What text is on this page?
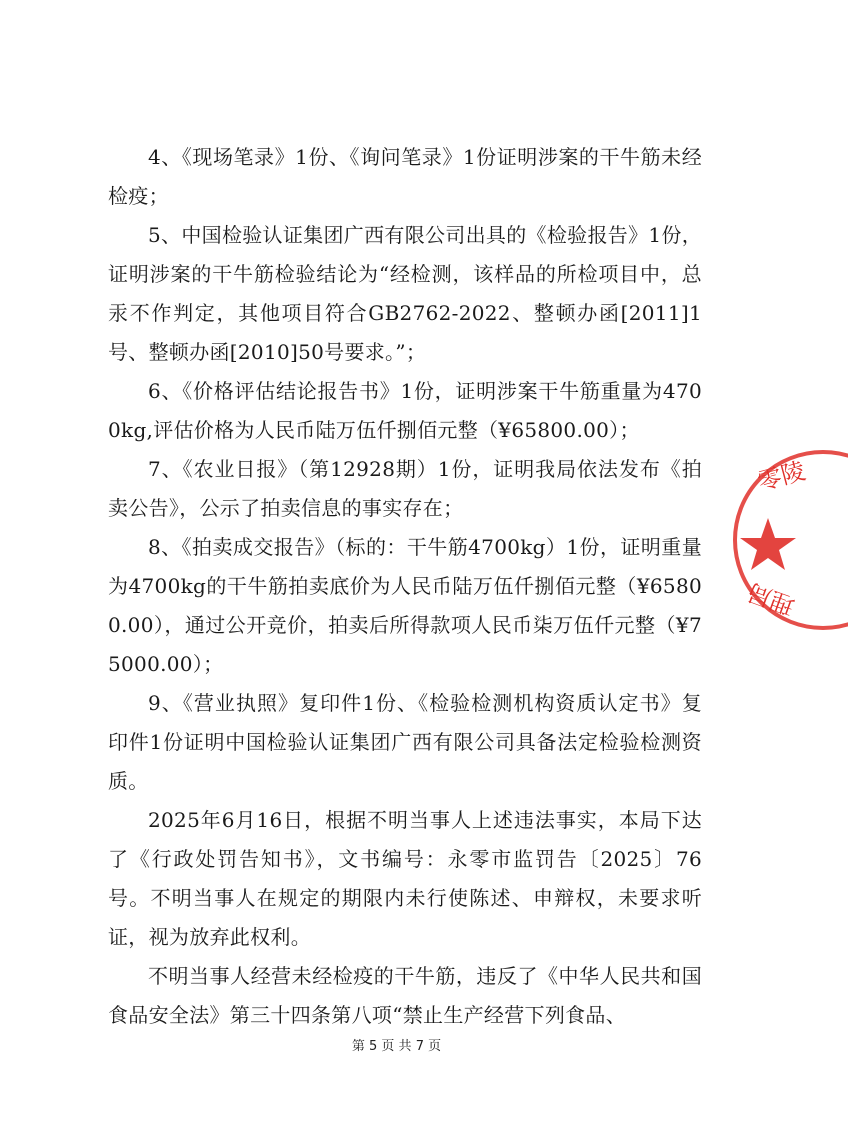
4、《现场笔录》1份、《询问笔录》1份证明涉案的干牛筋未经检疫；

5、中国检验认证集团广西有限公司出具的《检验报告》1份，证明涉案的干牛筋检验结论为“经检测，该样品的所检项目中，总汞不作判定，其他项目符合GB2762-2022、整顿办函[2011]1号、整顿办函[2010]50号要求。”；

6、《价格评估结论报告书》1份，证明涉案干牛筋重量为4700kg,评估价格为人民币陆万伍仟捌佰元整（¥65800.00）；

7、《农业日报》（第12928期）1份，证明我局依法发布《拍卖公告》，公示了拍卖信息的事实存在；

8、《拍卖成交报告》（标的：干牛筋4700kg）1份，证明重量为4700kg的干牛筋拍卖底价为人民币陆万伍仟捌佰元整（¥65800.00），通过公开竞价，拍卖后所得款项人民币柒万伍仟元整（¥75000.00）；

9、《营业执照》复印件1份、《检验检测机构资质认定书》复印件1份证明中国检验认证集团广西有限公司具备法定检验检测资质。

2025年6月16日，根据不明当事人上述违法事实，本局下达了《行政处罚告知书》，文书编号：永零市监罚告〔2025〕76号。不明当事人在规定的期限内未行使陈述、申辩权，未要求听证，视为放弃此权利。

不明当事人经营未经检疫的干牛筋，违反了《中华人民共和国食品安全法》第三十四条第八项“禁止生产经营下列食品、

零陵
理局
第 5 页 共 7 页
